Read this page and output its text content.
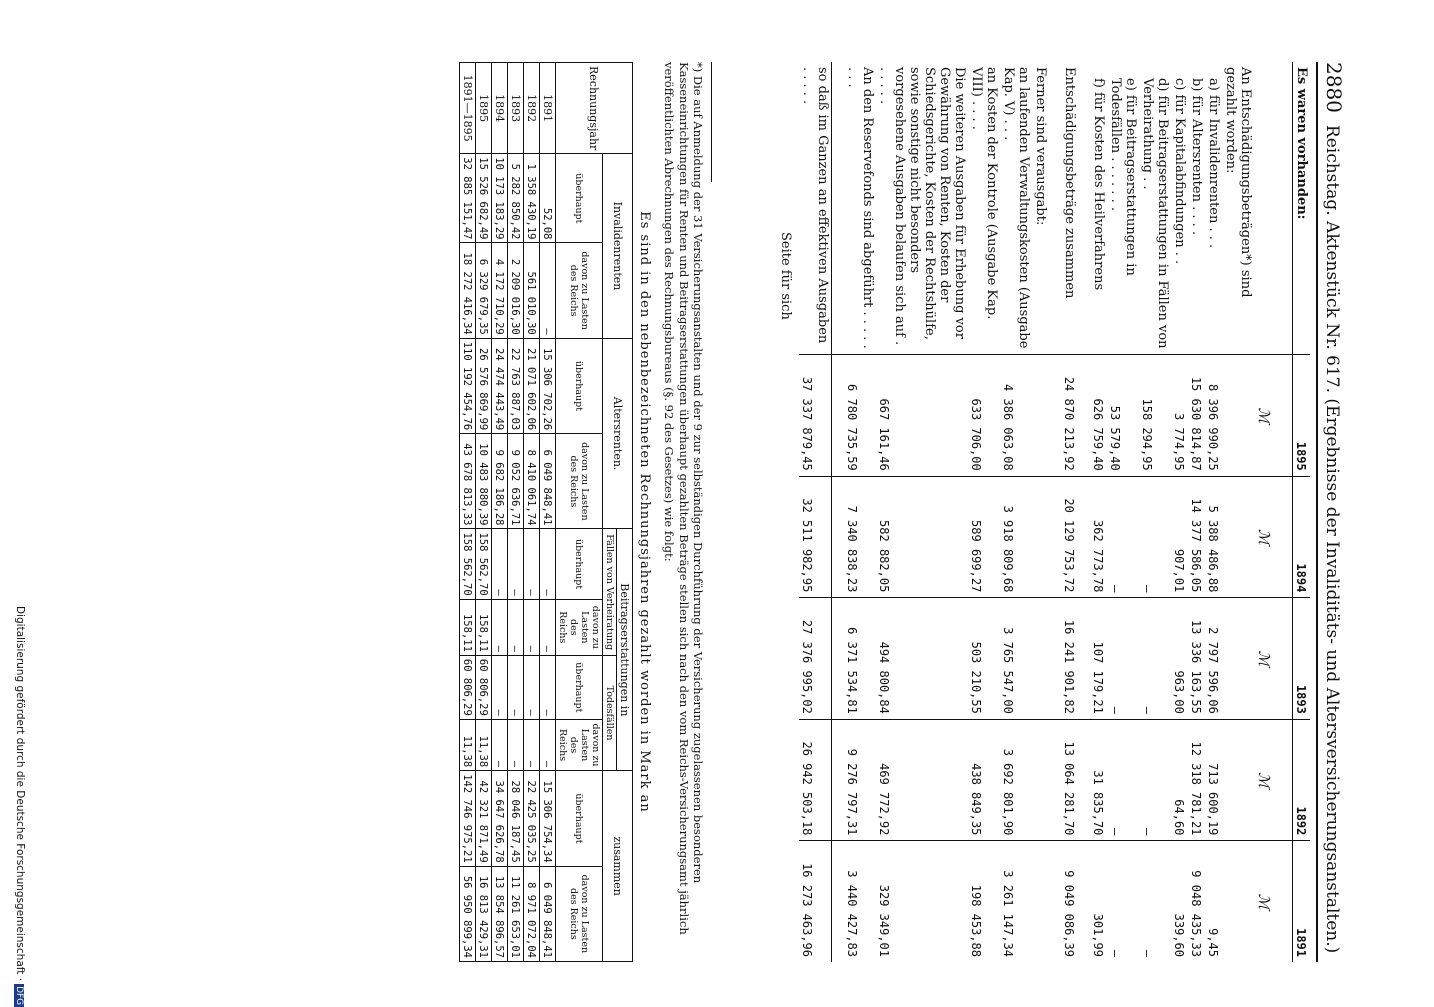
2880
Reichstag. Aktenstück Nr. 617. (Ergebnisse der Invaliditäts- und Altersversicherungsanstalten.)
Es waren vorhanden:	1895	1894	1893	1892	1891
	ℳ	ℳ	ℳ	ℳ	ℳ
An Entschädigungsbeträgen*) sind gezahlt worden:					
a) für Invalidenrenten . . .	8 396 990,25	5 388 486,88	2 797 596,06	713 600,19	9,45
b) für Altersrenten . . . .	15 630 814,87	14 377 586,05	13 336 163,55	12 318 781,21	9 048 435,33
c) für Kapitalabfindungen . .	3 774,95	907,01	963,00	64,60	339,60
d) für Beitragserstattungen in Fällen von Verheirathung . .	158 294,95	—	—	—	—
e) für Beitragserstattungen in Todesfällen . . . . . . .	53 579,40	—	—	—	—
f) für Kosten des Heilverfahrens	626 759,40	362 773,78	107 179,21	31 835,70	301,99

Entschädigungsbeträge zusammen	24 870 213,92	20 129 753,72	16 241 901,82	13 064 281,70	9 049 086,39

Ferner sind verausgabt:					
an laufenden Verwaltungskosten (Ausgabe Kap. V) . . .	4 386 063,08	3 918 809,68	3 765 547,00	3 692 801,90	3 261 147,34
an Kosten der Kontrole (Ausgabe Kap. VIII) . . . .	633 706,00	589 699,27	503 210,55	438 849,35	198 453,88
Die weiteren Ausgaben für Erhebung vor Gewährung von Renten, Kosten der Schiedsgerichte, Kosten der Rechtshülfe, sowie sonstige nicht besonders vorgesehene Ausgaben belaufen sich auf . . . . . .	667 161,46	582 882,05	494 800,84	469 772,92	329 349,01
An den Reservefonds sind abgeführt . . . . . . . .	6 780 735,59	7 340 838,23	6 371 534,81	9 276 797,31	3 440 427,83

so daß im Ganzen an effektiven Ausgaben . . . . .	37 337 879,45	32 511 982,95	27 376 995,02	26 942 503,18	16 273 463,96
Seite für sich
*) Die auf Anmeldung der 31 Versicherungsanstalten und der 9 zur selbständigen Durchführung der Versicherung zugelassenen besonderen Kasseneinrichtungen für Renten und Beitragserstattungen überhaupt gezahlten Beträge stellen sich nach den vom Reichs-Versicherungsamt jährlich veröffentlichten Abrechnungen des Rechnungsbureaus (§. 92 des Gesetzes) wie folgt:
Es sind in den nebenbezeichneten Rechnungsjahren gezahlt worden in Mark an
Rechnungsjahr	Invalidenrenten		Altersrenten.		Beitragserstattungen in				zusammen	
					Fällen von Verheiratung		Todesfällen			
	überhaupt	davon zu Lasten des Reichs	überhaupt	davon zu Lasten des Reichs	überhaupt	davon zu Lasten des Reichs	überhaupt	davon zu Lasten des Reichs	überhaupt	davon zu Lasten des Reichs
1891	52,08	—	15 306 702,26	6 049 848,41	—	—	—	—	15 306 754,34	6 049 848,41
1892	1 358 430,19	561 010,30	21 071 602,06	8 410 061,74	—	—	—	—	22 425 035,25	8 971 072,04
1893	5 282 850,42	2 209 016,30	22 763 887,03	9 052 636,71	—	—	—	—	28 046 187,45	11 261 653,01
1894	10 173 183,29	4 172 710,29	24 474 443,49	9 682 186,28	—	—	—	—	34 647 626,78	13 854 896,57
1895	15 526 682,49	6 329 679,35	26 576 869,99	10 483 880,39	158 562,70	158,11	60 806,29	11,38	42 321 871,49	16 813 429,31
1891—1895	32 885 151,47	18 272 416,34	110 192 454,76	43 678 813,33	158 562,70	158,11	60 806,29	11,38	142 746 975,21	56 950 899,34
Digitalisierung gefördert durch die Deutsche Forschungsgemeinschaft ·DFG
